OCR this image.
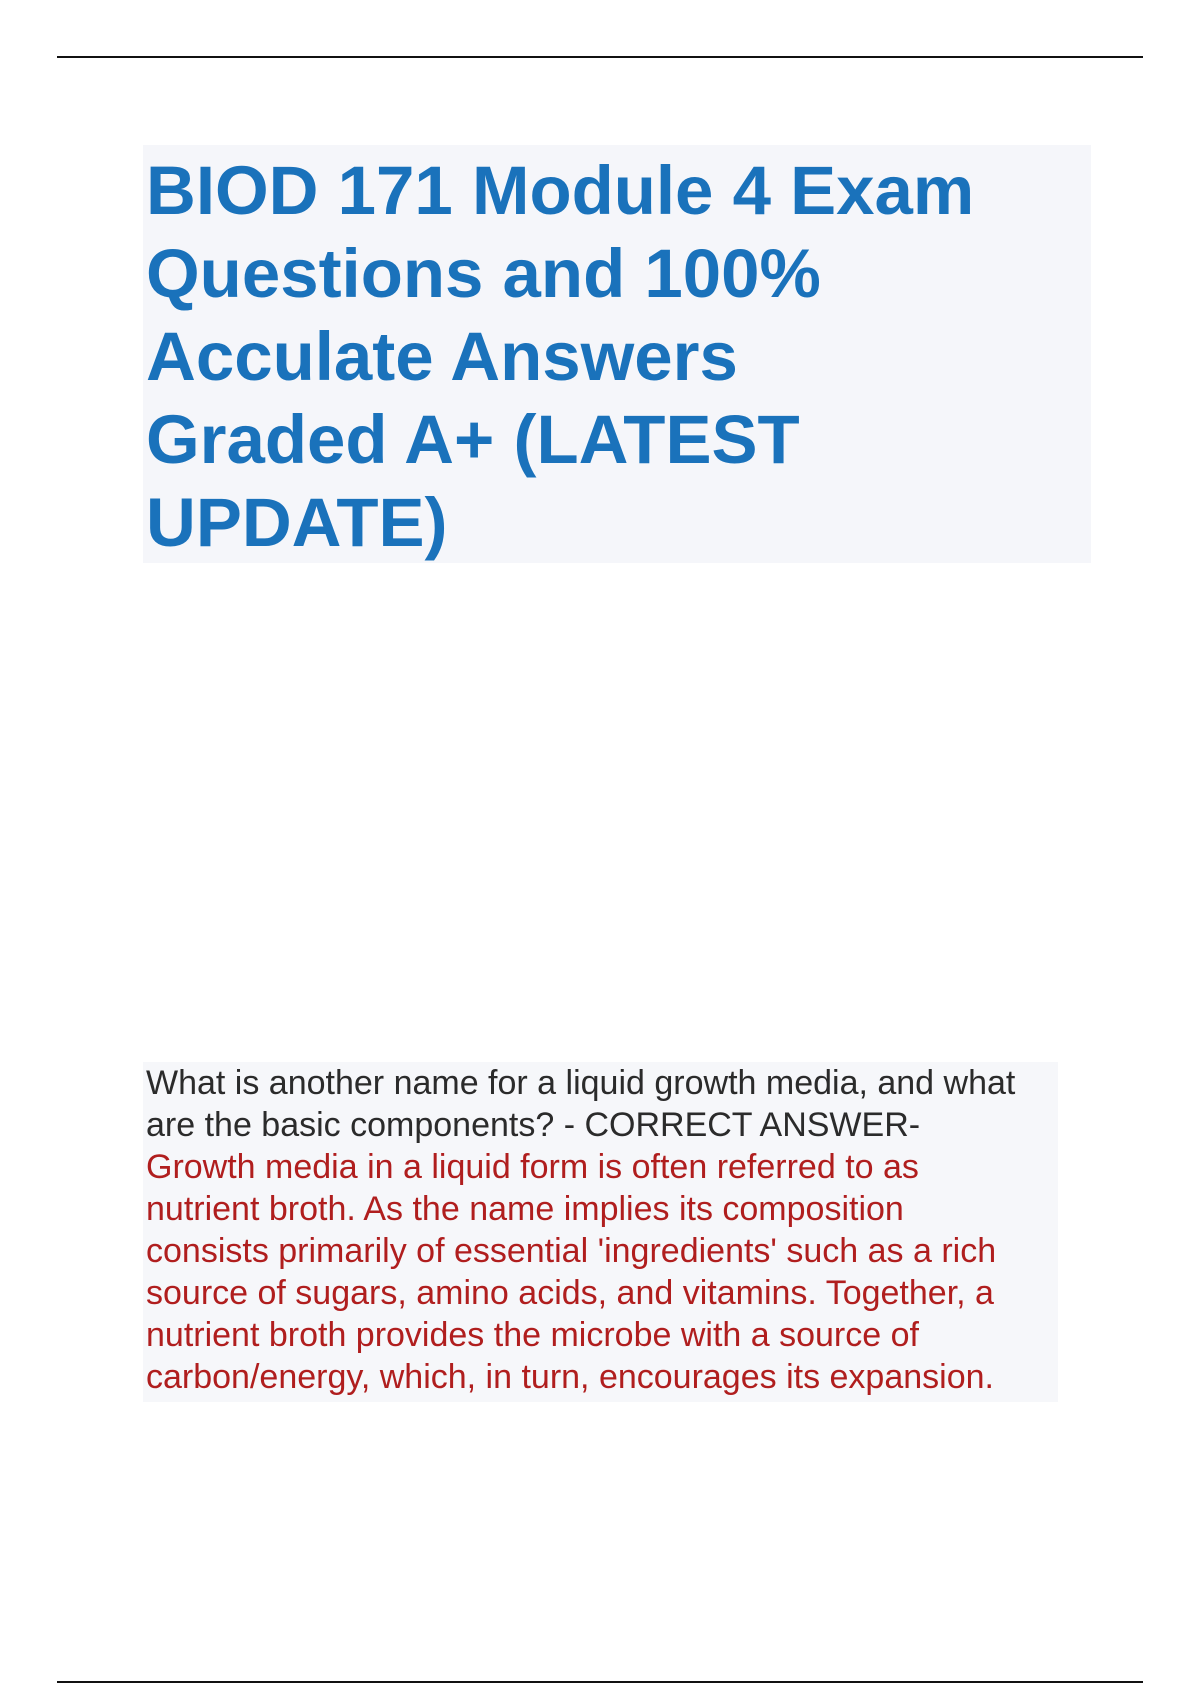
BIOD 171 Module 4 Exam
Questions and 100%
Acculate Answers
Graded A+ (LATEST
UPDATE)
What is another name for a liquid growth media, and what
are the basic components? - CORRECT ANSWER-
Growth media in a liquid form is often referred to as
nutrient broth. As the name implies its composition
consists primarily of essential 'ingredients' such as a rich
source of sugars, amino acids, and vitamins. Together, a
nutrient broth provides the microbe with a source of
carbon/energy, which, in turn, encourages its expansion.
